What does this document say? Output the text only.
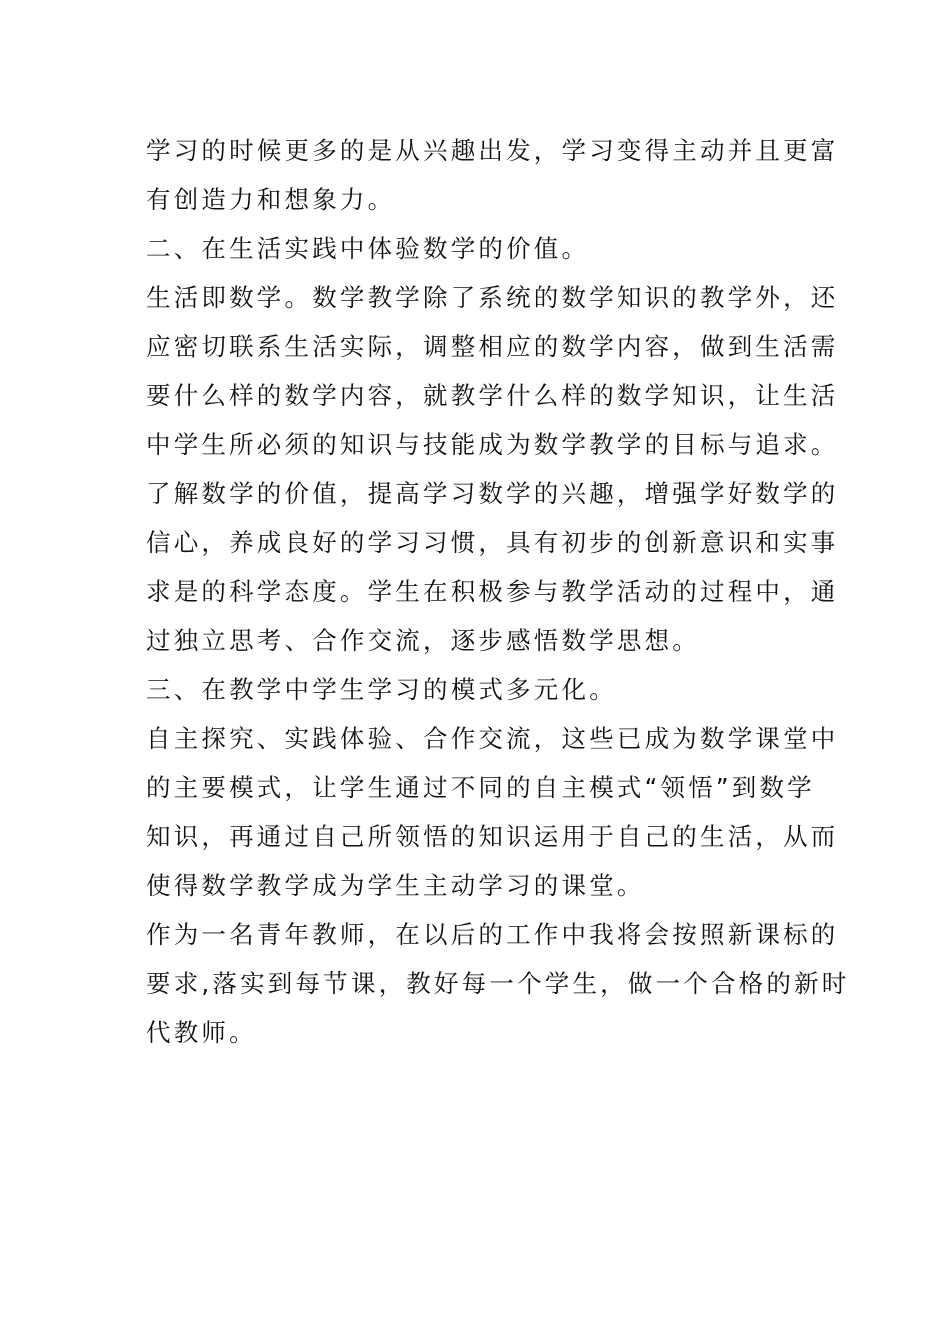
学习的时候更多的是从兴趣出发，学习变得主动并且更富
有创造力和想象力。
二、在生活实践中体验数学的价值。
生活即数学。数学教学除了系统的数学知识的教学外，还
应密切联系生活实际，调整相应的数学内容，做到生活需
要什么样的数学内容，就教学什么样的数学知识，让生活
中学生所必须的知识与技能成为数学教学的目标与追求。
了解数学的价值，提高学习数学的兴趣，增强学好数学的
信心，养成良好的学习习惯，具有初步的创新意识和实事
求是的科学态度。学生在积极参与教学活动的过程中，通
过独立思考、合作交流，逐步感悟数学思想。
三、在教学中学生学习的模式多元化。
自主探究、实践体验、合作交流，这些已成为数学课堂中
的主要模式，让学生通过不同的自主模式“领悟”到数学
知识，再通过自己所领悟的知识运用于自己的生活，从而
使得数学教学成为学生主动学习的课堂。
作为一名青年教师，在以后的工作中我将会按照新课标的
要求,落实到每节课，教好每一个学生，做一个合格的新时
代教师。
